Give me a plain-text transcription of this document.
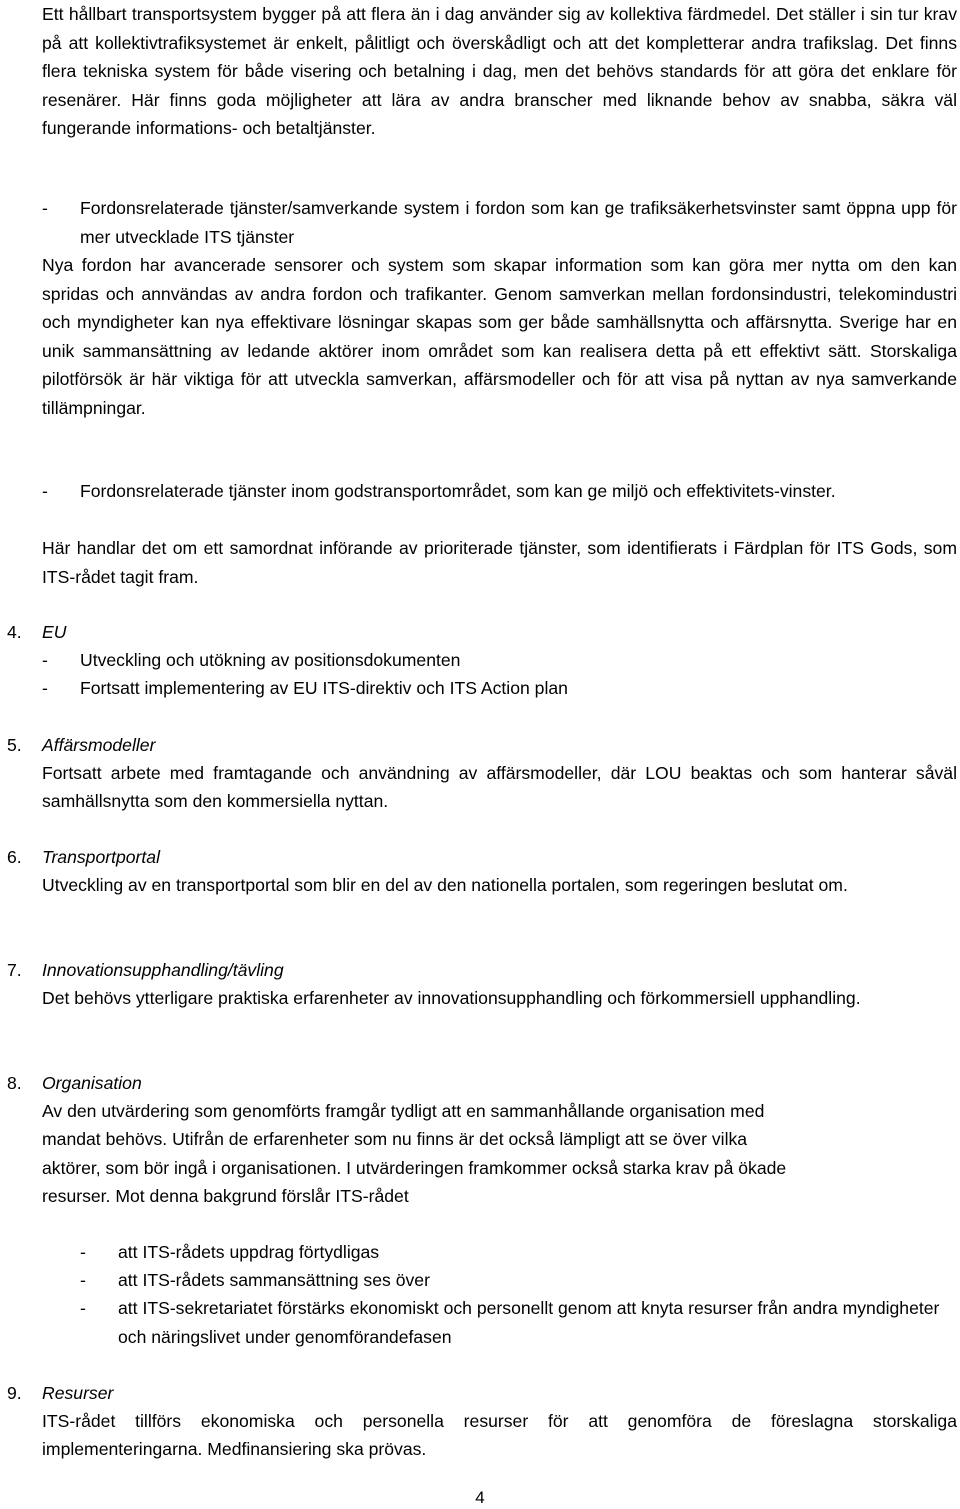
Ett hållbart transportsystem bygger på att flera än i dag använder sig av kollektiva färdmedel. Det ställer i sin tur krav på att kollektivtrafiksystemet är enkelt, pålitligt och överskådligt och att det kompletterar andra trafikslag. Det finns flera tekniska system för både visering och betalning i dag, men det behövs standards för att göra det enklare för resenärer. Här finns goda möjligheter att lära av andra branscher med liknande behov av snabba, säkra väl fungerande informations- och betaltjänster.

- Fordonsrelaterade tjänster/samverkande system i fordon som kan ge trafiksäkerhetsvinster samt öppna upp för mer utvecklade ITS tjänster

Nya fordon har avancerade sensorer och system som skapar information som kan göra mer nytta om den kan spridas och annvändas av andra fordon och trafikanter. Genom samverkan mellan fordonsindustri, telekomindustri och myndigheter kan nya effektivare lösningar skapas som ger både samhällsnytta och affärsnytta. Sverige har en unik sammansättning av ledande aktörer inom området som kan realisera detta på ett effektivt sätt. Storskaliga pilotförsök är här viktiga för att utveckla samverkan, affärsmodeller och för att visa på nyttan av nya samverkande tillämpningar.

- Fordonsrelaterade tjänster inom godstransportområdet, som kan ge miljö och effektivitets-vinster.

Här handlar det om ett samordnat införande av prioriterade tjänster, som identifierats i Färdplan för ITS Gods, som ITS-rådet tagit fram.

4. EU
- Utveckling och utökning av positionsdokumenten
- Fortsatt implementering av EU ITS-direktiv och ITS Action plan
5. Affärsmodeller

Fortsatt arbete med framtagande och användning av affärsmodeller, där LOU beaktas och som hanterar såväl samhällsnytta som den kommersiella nyttan.

6. Transportportal

Utveckling av en transportportal som blir en del av den nationella portalen, som regeringen beslutat om.

7. Innovationsupphandling/tävling

Det behövs ytterligare praktiska erfarenheter av innovationsupphandling och förkommersiell upphandling.

8. Organisation
Av den utvärdering som genomförts framgår tydligt att en sammanhållande organisation med
mandat behövs. Utifrån de erfarenheter som nu finns är det också lämpligt att se över vilka
aktörer, som bör ingå i organisationen. I utvärderingen framkommer också starka krav på ökade
resurser. Mot denna bakgrund förslår ITS-rådet
- att ITS-rådets uppdrag förtydligas
- att ITS-rådets sammansättning ses över
- att ITS-sekretariatet förstärks ekonomiskt och personellt genom att knyta resurser från andra myndigheter och näringslivet under genomförandefasen
9. Resurser

ITS-rådet tillförs ekonomiska och personella resurser för att genomföra de föreslagna storskaliga implementeringarna. Medfinansiering ska prövas.

4
